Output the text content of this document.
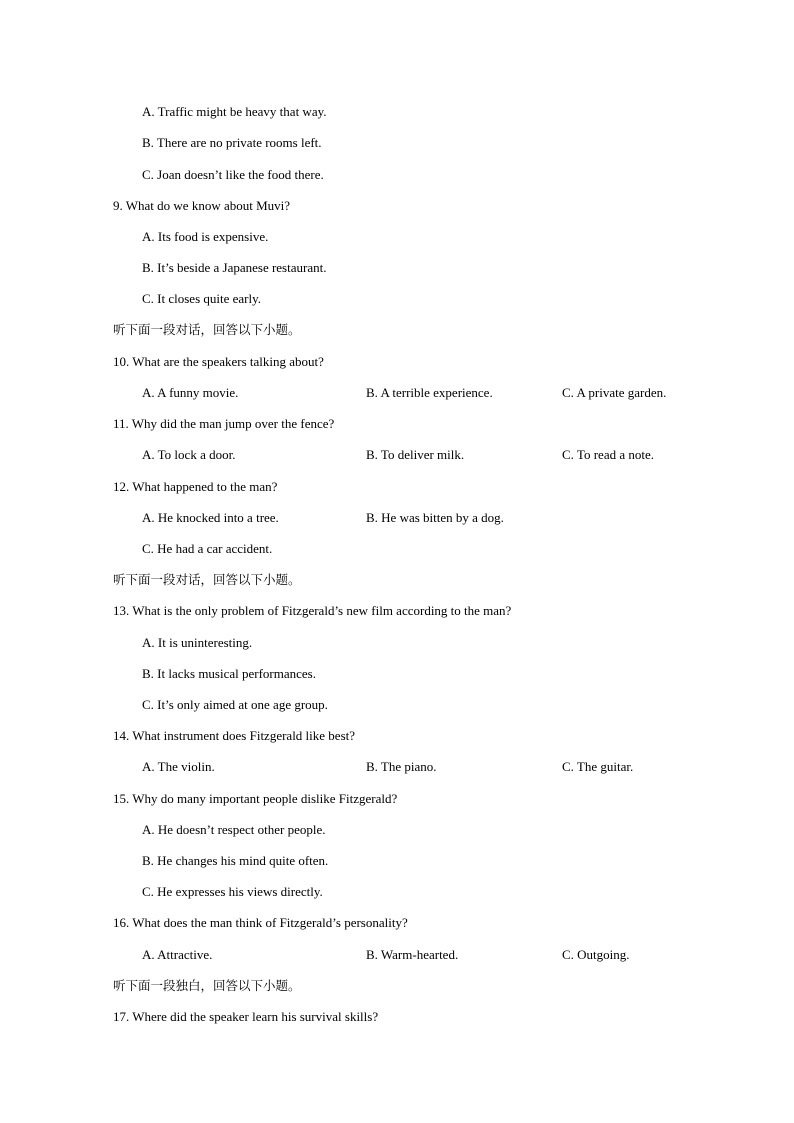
A. Traffic might be heavy that way.
B. There are no private rooms left.
C. Joan doesn’t like the food there.
9. What do we know about Muvi?
A. Its food is expensive.
B. It’s beside a Japanese restaurant.
C. It closes quite early.
听下面一段对话，回答以下小题。
10. What are the speakers talking about?
A. A funny movie.	B. A terrible experience.	C. A private garden.
11. Why did the man jump over the fence?
A. To lock a door.	B. To deliver milk.	C. To read a note.
12. What happened to the man?
A. He knocked into a tree.	B. He was bitten by a dog.
C. He had a car accident.
听下面一段对话，回答以下小题。
13. What is the only problem of Fitzgerald’s new film according to the man?
A. It is uninteresting.
B. It lacks musical performances.
C. It’s only aimed at one age group.
14. What instrument does Fitzgerald like best?
A. The violin.	B. The piano.	C. The guitar.
15. Why do many important people dislike Fitzgerald?
A. He doesn’t respect other people.
B. He changes his mind quite often.
C. He expresses his views directly.
16. What does the man think of Fitzgerald’s personality?
A. Attractive.	B. Warm-hearted.	C. Outgoing.
听下面一段独白，回答以下小题。
17. Where did the speaker learn his survival skills?
